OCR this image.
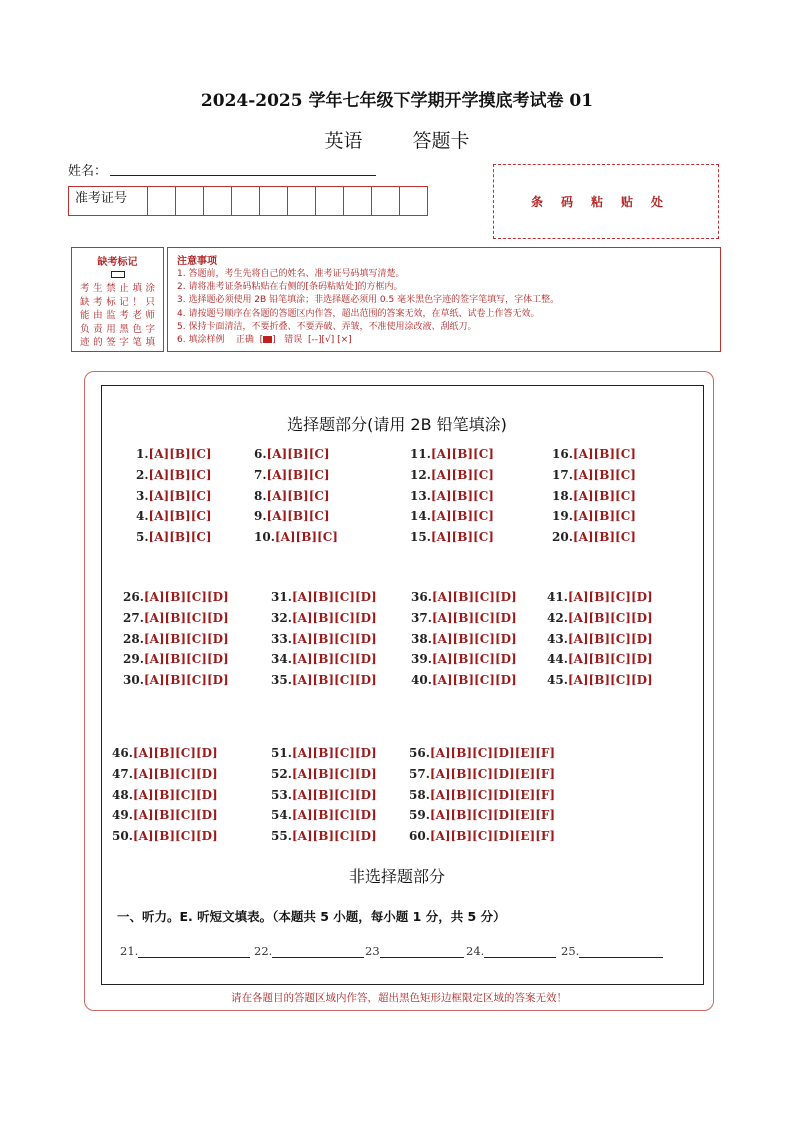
2024-2025 学年七年级下学期开学摸底考试卷 01
英语	答题卡
姓名：
准考证号	条码粘贴处
缺考标记
考生禁止填涂
缺考标记！只
能由监考老师
负责用黑色字
迹的签字笔填
注意事项
1. 答题前，考生先将自己的姓名、准考证号码填写清楚。
2. 请将准考证条码粘贴在右侧的[条码粘贴处]的方框内。
3. 选择题必须使用 2B 铅笔填涂；非选择题必须用 0.5 毫米黑色字迹的签字笔填写，字体工整。
4. 请按题号顺序在各题的答题区内作答，超出范围的答案无效，在草纸、试卷上作答无效。
5. 保持卡面清洁，不要折叠、不要弄破、弄皱，不准使用涂改液、刮纸刀。
6. 填涂样例 正确  [ ]   错误 [--][√] [×]
选择题部分(请用 2B 铅笔填涂)
1.[A][B][C]
2.[A][B][C]
3.[A][B][C]
4.[A][B][C]
5.[A][B][C]
6.[A][B][C]
7.[A][B][C]
8.[A][B][C]
9.[A][B][C]
10.[A][B][C]
11.[A][B][C]
12.[A][B][C]
13.[A][B][C]
14.[A][B][C]
15.[A][B][C]
16.[A][B][C]
17.[A][B][C]
18.[A][B][C]
19.[A][B][C]
20.[A][B][C]
26.[A][B][C][D]
27.[A][B][C][D]
28.[A][B][C][D]
29.[A][B][C][D]
30.[A][B][C][D]
31.[A][B][C][D]
32.[A][B][C][D]
33.[A][B][C][D]
34.[A][B][C][D]
35.[A][B][C][D]
36.[A][B][C][D]
37.[A][B][C][D]
38.[A][B][C][D]
39.[A][B][C][D]
40.[A][B][C][D]
41.[A][B][C][D]
42.[A][B][C][D]
43.[A][B][C][D]
44.[A][B][C][D]
45.[A][B][C][D]
46.[A][B][C][D]
47.[A][B][C][D]
48.[A][B][C][D]
49.[A][B][C][D]
50.[A][B][C][D]
51.[A][B][C][D]
52.[A][B][C][D]
53.[A][B][C][D]
54.[A][B][C][D]
55.[A][B][C][D]
56.[A][B][C][D][E][F]
57.[A][B][C][D][E][F]
58.[A][B][C][D][E][F]
59.[A][B][C][D][E][F]
60.[A][B][C][D][E][F]
非选择题部分
一、听力。E. 听短文填表。（本题共 5 小题，每小题 1 分，共 5 分）
21.	22.	23	24.	25.
请在各题目的答题区域内作答，超出黑色矩形边框限定区域的答案无效！
